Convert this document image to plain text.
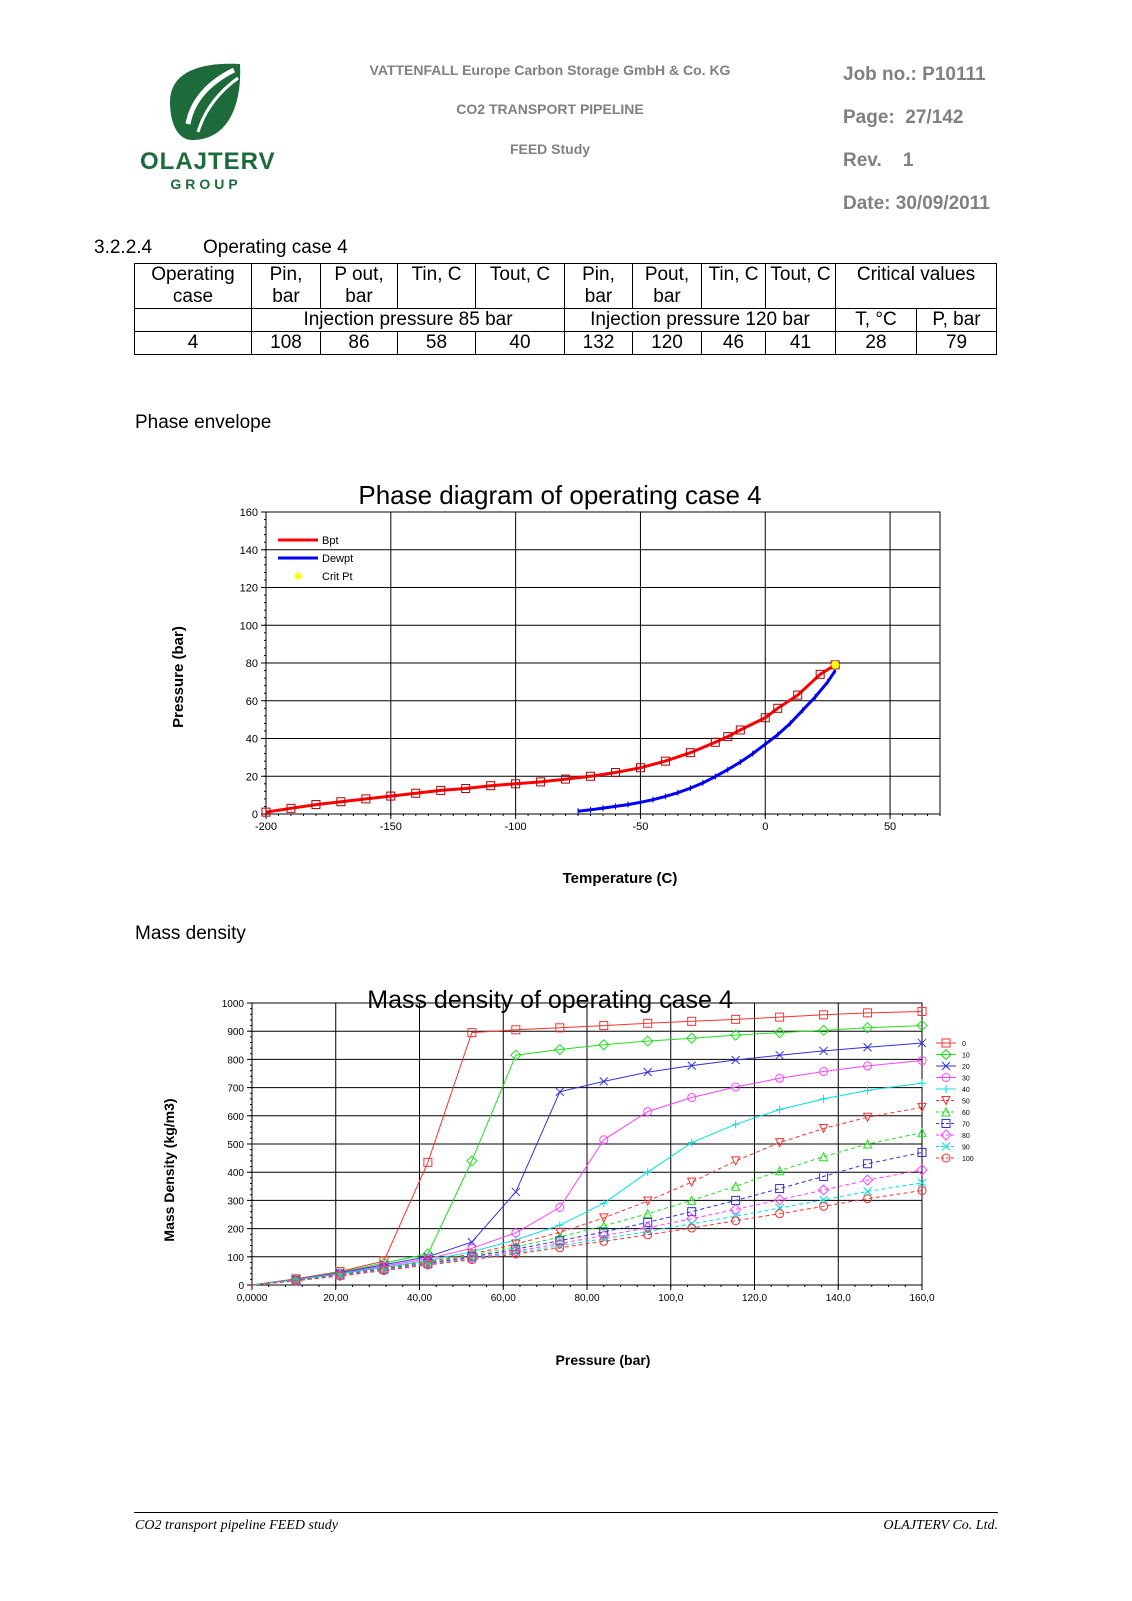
OLAJTERV
GROUP
VATTENFALL Europe Carbon Storage GmbH & Co. KG
CO2 TRANSPORT PIPELINE
FEED Study
Job no.: P10111
Page:  27/142
Rev.    1
Date: 30/09/2011
3.2.2.4	Operating case 4
Operating case	Pin, bar	P out, bar	Tin, C	Tout, C	Pin, bar	Pout, bar	Tin, C	Tout, C	Critical values	
	Injection pressure 85 bar				Injection pressure 120 bar				T, °C	P, bar
4	108	86	58	40	132	120	46	41	28	79
Phase envelope
Mass density
Phase diagram of operating case 4
Pressure (bar)
Temperature (C)
-200	-150	-100	-50	0	50
0
20
40
60
80
100
120
140
160
Bpt
Dewpt
Crit Pt
Mass density of operating case 4
Mass Density (kg/m3)
Pressure (bar)
0,0000	20,00	40,00	60,00	80,00	100,0	120,0	140,0	160,0
0
100
200
300
400
500
600
700
800
900
1000
0
10
20
30
40
50
60
70
80
90
100
CO2 transport pipeline FEED study	OLAJTERV Co. Ltd.
